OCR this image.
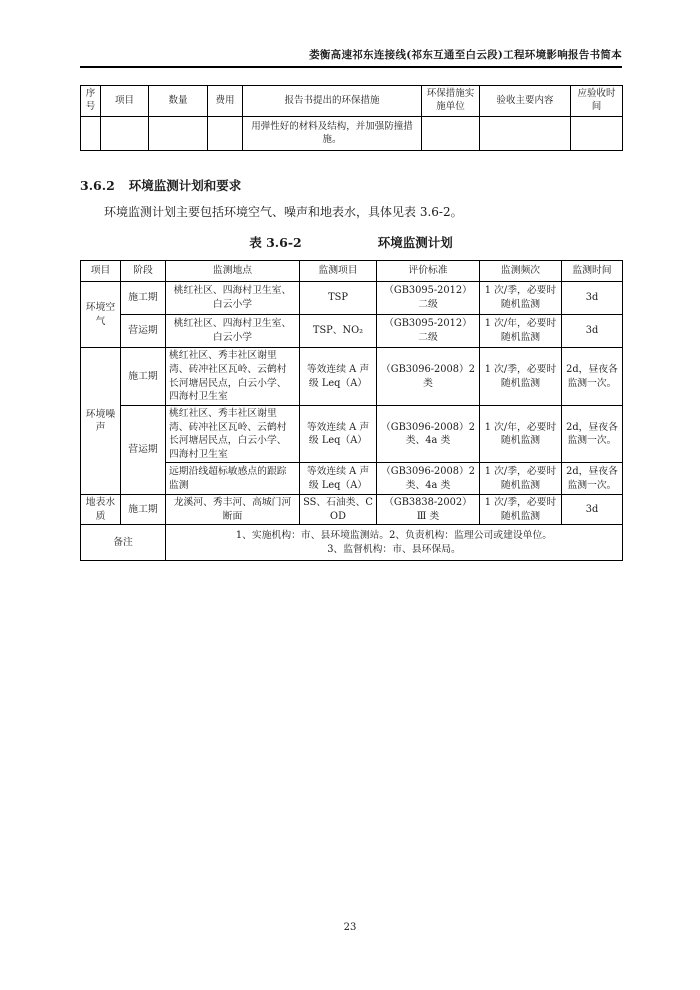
娄衡高速祁东连接线(祁东互通至白云段)工程环境影响报告书简本
序号	项目	数量	费用	报告书提出的环保措施	环保措施实施单位	验收主要内容	应验收时间
				用弹性好的材料及结构，并加强防撞措施。			
3.6.2 环境监测计划和要求
环境监测计划主要包括环境空气、噪声和地表水，具体见表 3.6-2。
表 3.6-2	环境监测计划
项目	阶段	监测地点	监测项目	评价标准	监测频次	监测时间
环境空气	施工期	桃红社区、四海村卫生室、白云小学	TSP	（GB3095-2012）二级	1 次/季，必要时随机监测	3d
	营运期	桃红社区、四海村卫生室、白云小学	TSP、NO₂	（GB3095-2012）二级	1 次/年，必要时随机监测	3d
环境噪声	施工期	桃红社区、秀丰社区谢里湾、砖冲社区瓦岭、云鹤村长河塘居民点，白云小学、四海村卫生室	等效连续 A 声级 Leq（A）	（GB3096-2008）2 类	1 次/季，必要时随机监测	2d，昼夜各监测一次。
	营运期	桃红社区、秀丰社区谢里湾、砖冲社区瓦岭、云鹤村长河塘居民点，白云小学、四海村卫生室	等效连续 A 声级 Leq（A）	（GB3096-2008）2 类、4a 类	1 次/年，必要时随机监测	2d，昼夜各监测一次。
		远期沿线超标敏感点的跟踪监测	等效连续 A 声级 Leq（A）	（GB3096-2008）2 类、4a 类	1 次/季，必要时随机监测	2d，昼夜各监测一次。
地表水质	施工期	龙溪河、秀丰河、高城门河断面	SS、石油类、COD	（GB3838-2002）Ⅲ 类	1 次/季，必要时随机监测	3d
备注		1、实施机构：市、县环境监测站。2、负责机构：监理公司或建设单位。
3、监督机构：市、县环保局。				
23
